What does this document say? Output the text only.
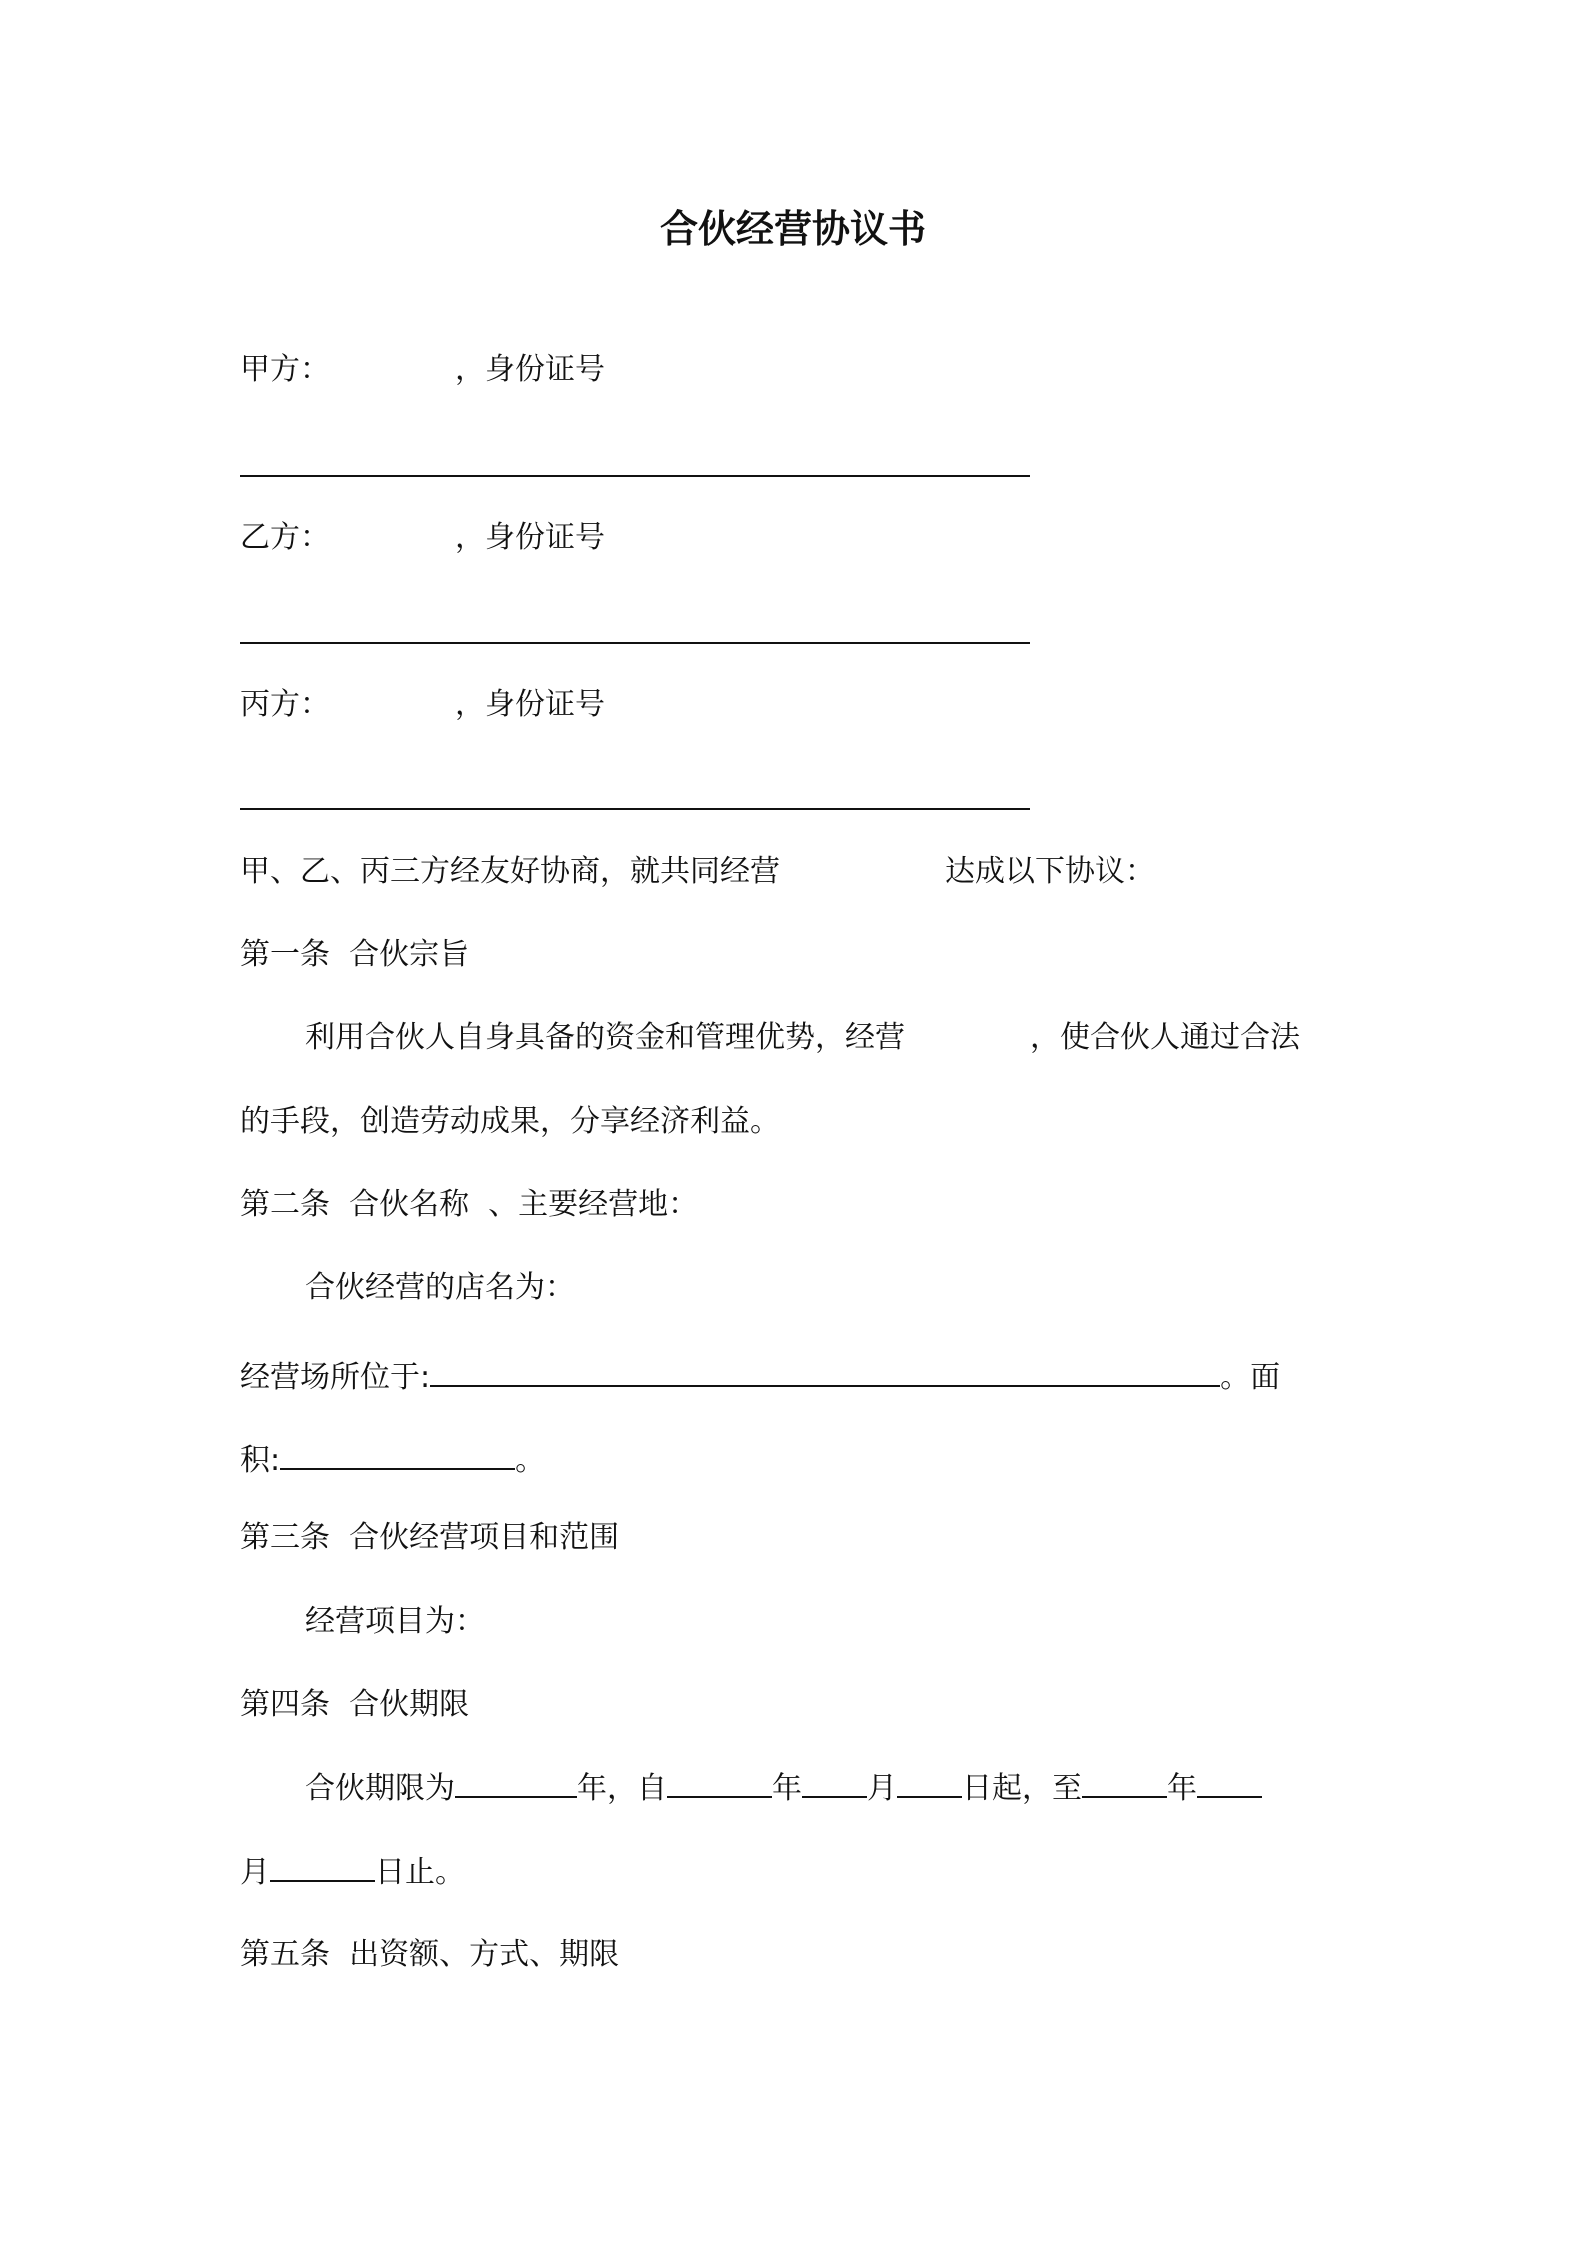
合伙经营协议书

甲方：	，身份证号

乙方：	，身份证号

丙方：	，身份证号

甲、乙、丙三方经友好协商，就共同经营	达成以下协议：

第一条  合伙宗旨

利用合伙人自身具备的资金和管理优势，经营	，使合伙人通过合法

的手段，创造劳动成果，分享经济利益。

第二条  合伙名称  、主要经营地：

合伙经营的店名为：

经营场所位于:	。面

积:	。

第三条  合伙经营项目和范围

经营项目为：

第四条  合伙期限

合伙期限为	年，自	年 月 日起，至	年

月	日止。

第五条  出资额、方式、期限
